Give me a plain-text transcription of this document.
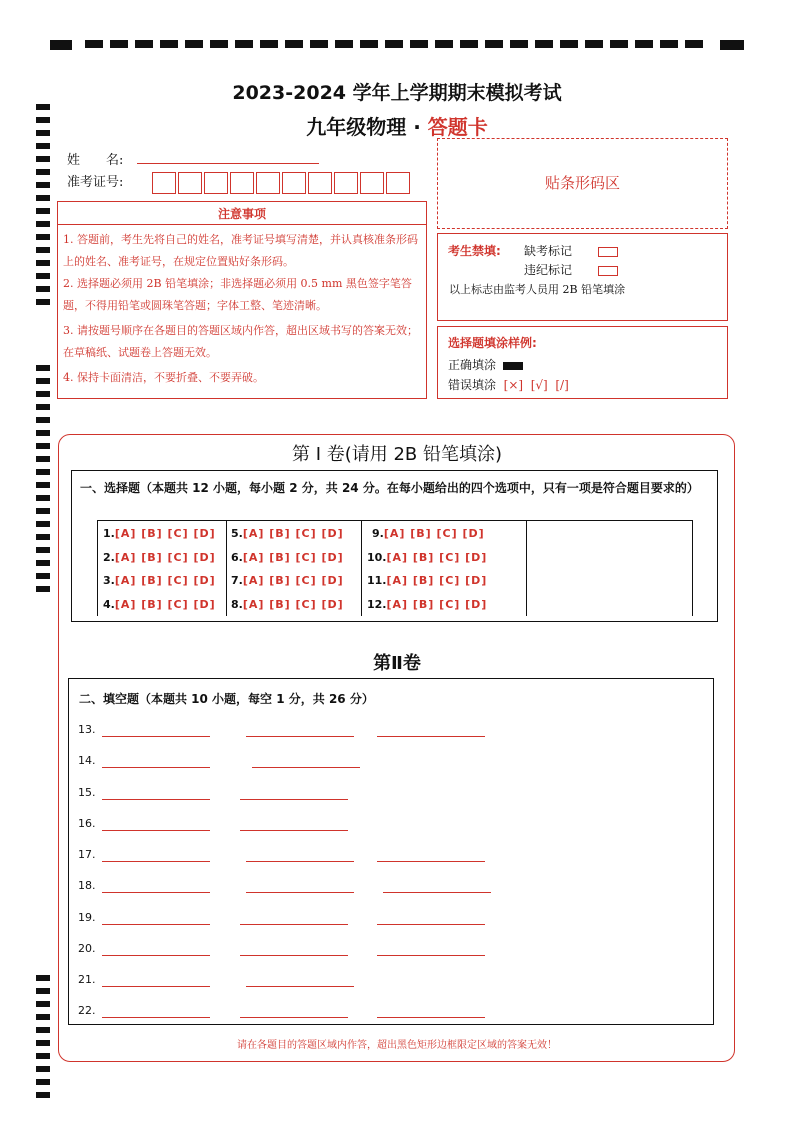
2023-2024 学年上学期期末模拟考试
九年级物理 · 答题卡
姓　　名:
准考证号:	贴条形码区
注意事项
1. 答题前，考生先将自己的姓名，准考证号填写清楚，并认真核准条形码上的姓名、准考证号，在规定位置贴好条形码。
2. 选择题必须用 2B 铅笔填涂；非选择题必须用 0.5 mm 黑色签字笔答题，不得用铅笔或圆珠笔答题；字体工整、笔迹清晰。
3. 请按题号顺序在各题目的答题区域内作答，超出区域书写的答案无效；在草稿纸、试题卷上答题无效。
4. 保持卡面清洁，不要折叠、不要弄破。
考生禁填: 缺考标记
违纪标记
以上标志由监考人员用 2B 铅笔填涂
选择题填涂样例:
正确填涂
错误填涂 [×]  [√]  [/]
第 I 卷(请用 2B 铅笔填涂)
一、选择题（本题共 12 小题，每小题 2 分，共 24 分。在每小题给出的四个选项中，只有一项是符合题目要求的）
1.[A] [B] [C] [D]
2.[A] [B] [C] [D]
3.[A] [B] [C] [D]
4.[A] [B] [C] [D]
5.[A] [B] [C] [D]
6.[A] [B] [C] [D]
7.[A] [B] [C] [D]
8.[A] [B] [C] [D]
9.[A] [B] [C] [D]
10.[A] [B] [C] [D]
11.[A] [B] [C] [D]
12.[A] [B] [C] [D]
第Ⅱ卷
二、填空题（本题共 10 小题，每空 1 分，共 26 分）
13.
14.
15.
16.
17.
18.
19.
20.
21.
22.
请在各题目的答题区域内作答，超出黑色矩形边框限定区域的答案无效！
